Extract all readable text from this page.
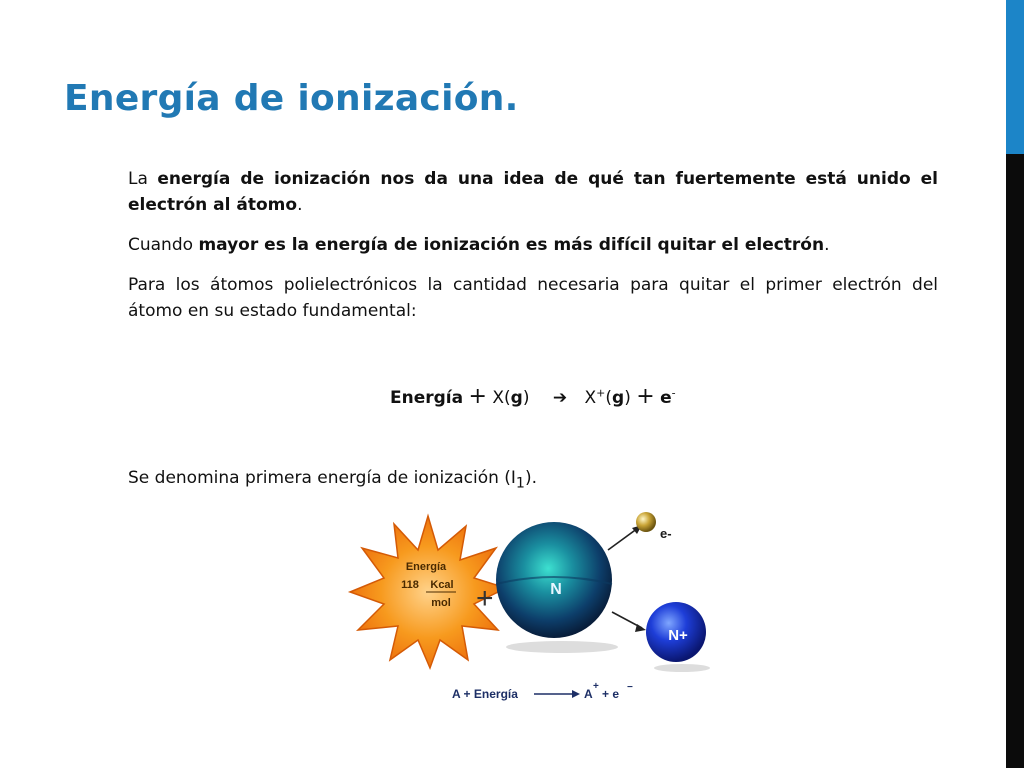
Energía de ionización.

La energía de ionización nos da una idea de qué tan fuertemente está unido el electrón al átomo.

Cuando mayor es la energía de ionización es más difícil quitar el electrón.

Para los átomos polielectrónicos la cantidad necesaria para quitar el primer electrón del átomo en su estado fundamental:

Energía + X(g) ➔ X+(g) + e-
Se denomina primera energía de ionización $(I_1)$.
Energía
118 Kcal
mol +	N
e-
N+
A + Energía	A
+
+ e −
